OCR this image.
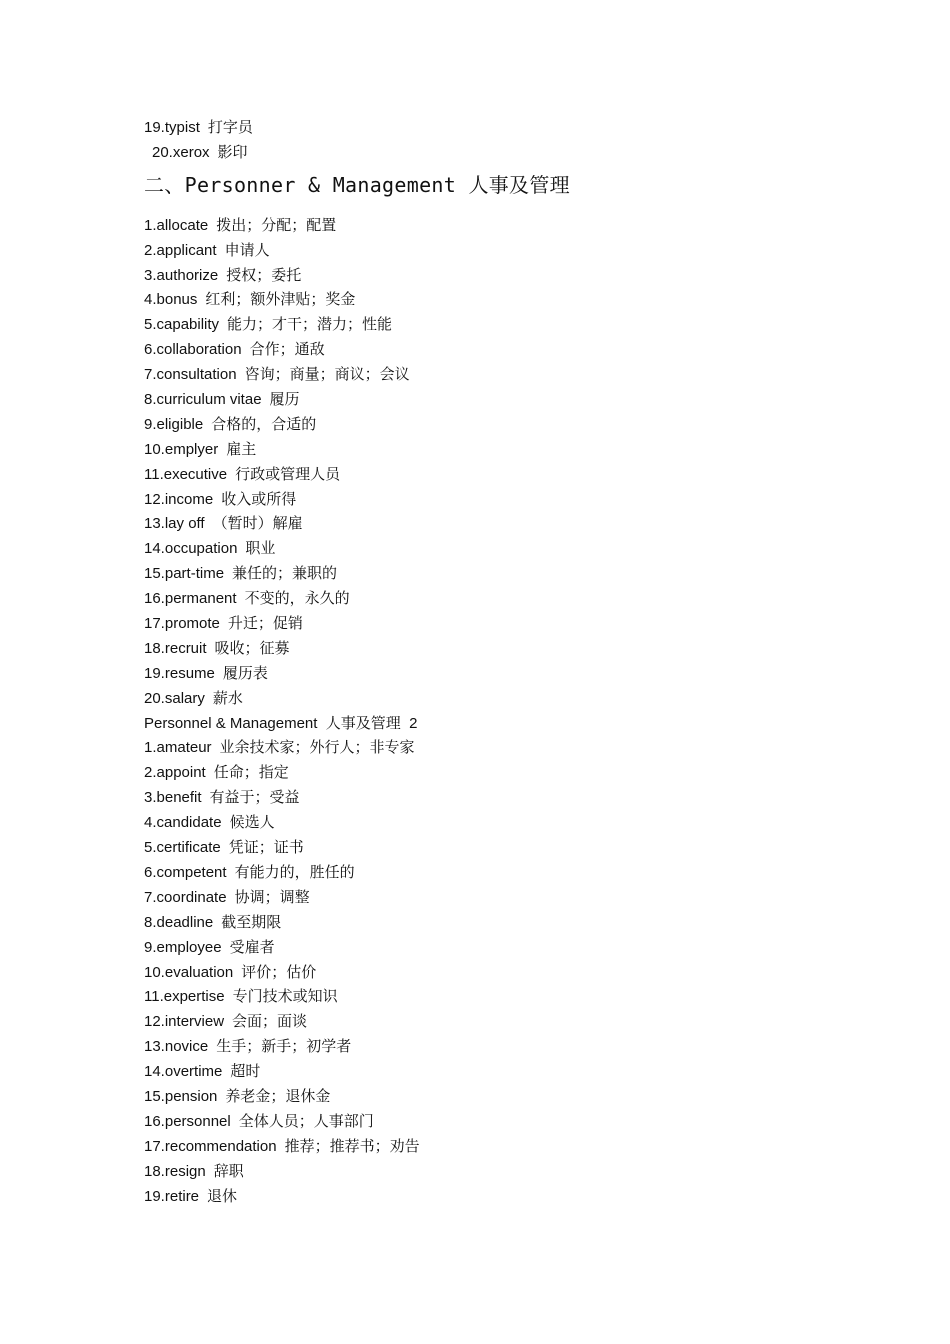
19.typist 打字员
20.xerox 影印
二、Personner & Management 人事及管理
1.allocate 拨出；分配；配置
2.applicant 申请人
3.authorize 授权；委托
4.bonus 红利；额外津贴；奖金
5.capability 能力；才干；潜力；性能
6.collaboration 合作；通敌
7.consultation 咨询；商量；商议；会议
8.curriculum vitae 履历
9.eligible 合格的，合适的
10.emplyer 雇主
11.executive 行政或管理人员
12.income 收入或所得
13.lay off （暂时）解雇
14.occupation 职业
15.part-time 兼任的；兼职的
16.permanent 不变的，永久的
17.promote 升迁；促销
18.recruit 吸收；征募
19.resume 履历表
20.salary 薪水
Personnel & Management  人事及管理  2
1.amateur 业余技术家；外行人；非专家
2.appoint 任命；指定
3.benefit 有益于；受益
4.candidate 候选人
5.certificate 凭证；证书
6.competent 有能力的，胜任的
7.coordinate 协调；调整
8.deadline 截至期限
9.employee 受雇者
10.evaluation 评价；估价
11.expertise 专门技术或知识
12.interview 会面；面谈
13.novice 生手；新手；初学者
14.overtime 超时
15.pension 养老金；退休金
16.personnel 全体人员；人事部门
17.recommendation 推荐；推荐书；劝告
18.resign 辞职
19.retire 退休
